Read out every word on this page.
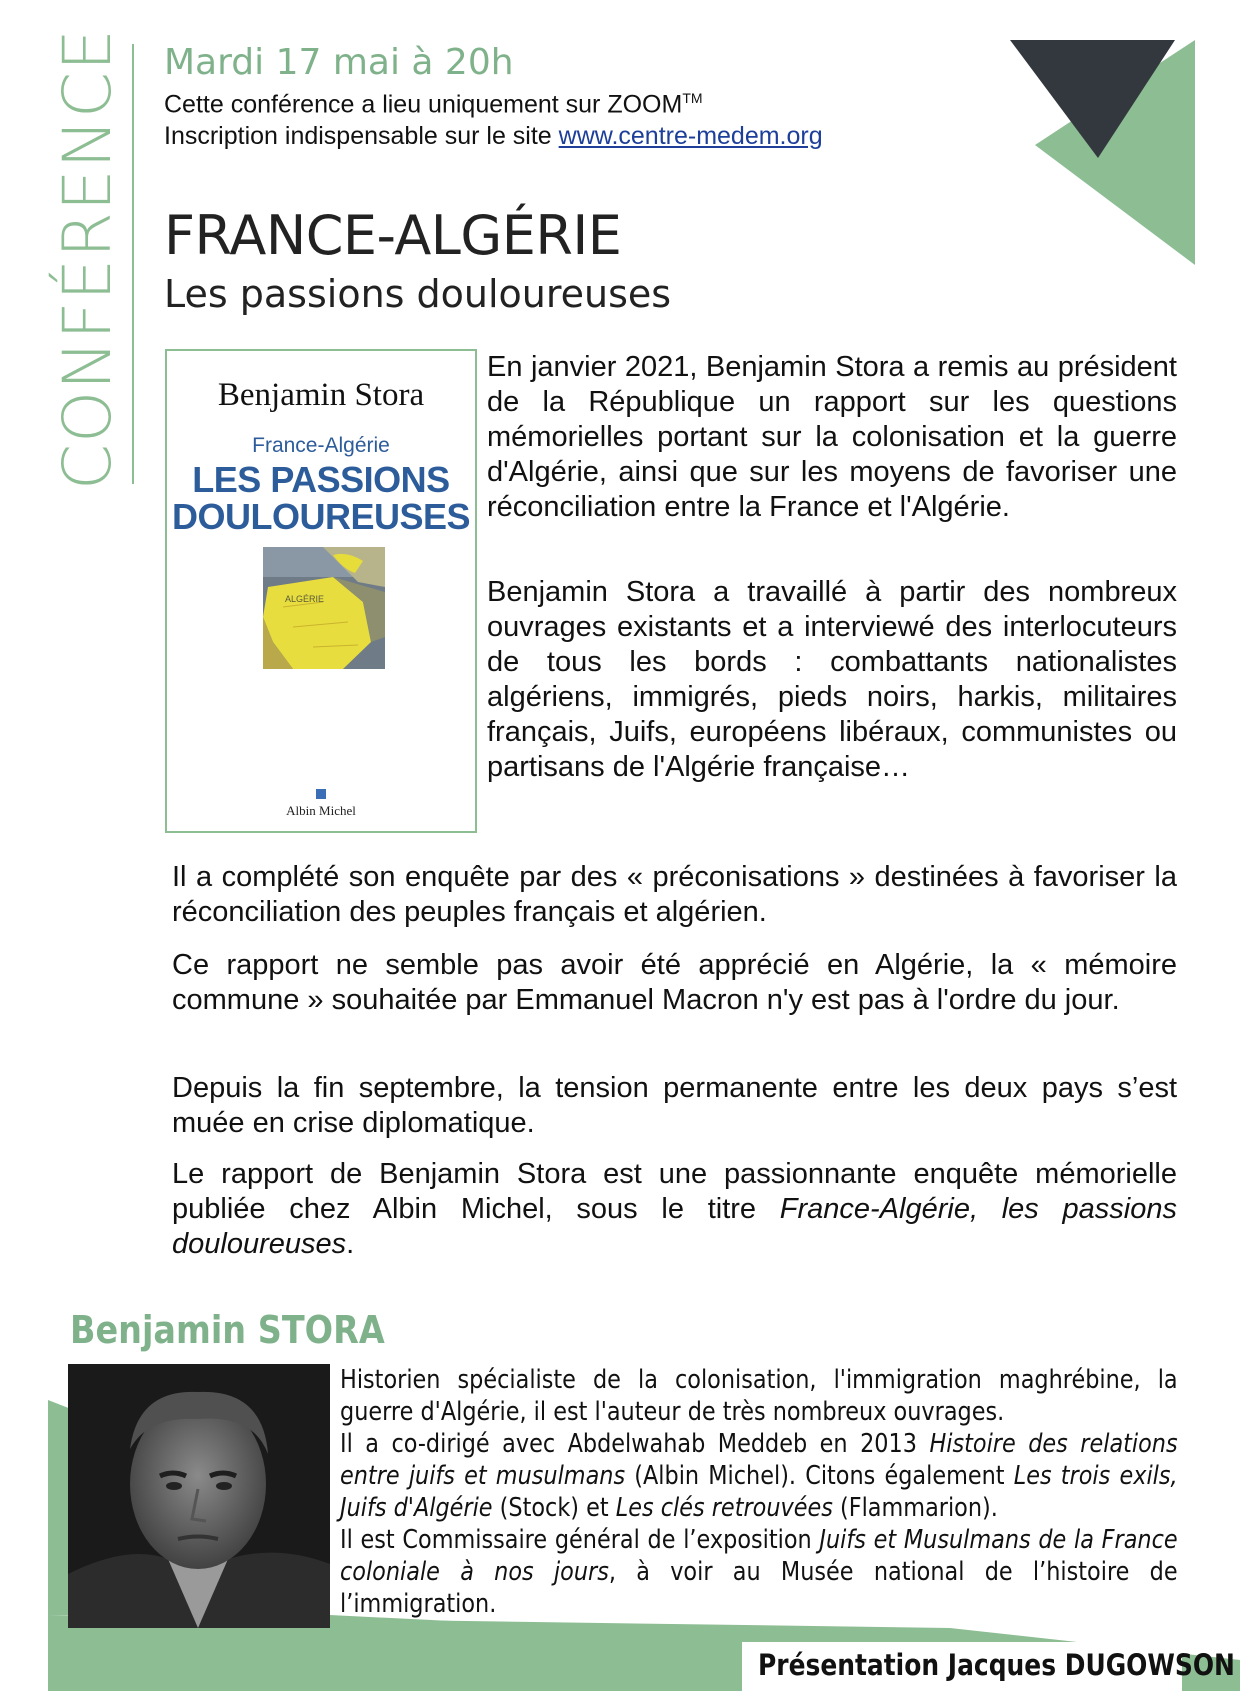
CONFÉRENCE Mardi 17 mai à 20h
Cette conférence a lieu uniquement sur ZOOM™
Inscription indispensable sur le site www.centre-medem.org
FRANCE-ALGÉRIE
Les passions douloureuses
Benjamin Stora
France-Algérie
LES PASSIONS
DOULOUREUSES
ALGÉRIE
Albin Michel
En janvier 2021, Benjamin Stora a remis au président de la République un rapport sur les questions mémorielles portant sur la colonisation et la guerre d'Algérie, ainsi que sur les moyens de favoriser une réconciliation entre la France et l'Algérie.
Benjamin Stora a travaillé à partir des nombreux ouvrages existants et a interviewé des interlocuteurs de tous les bords : combattants nationalistes algériens, immigrés, pieds noirs, harkis, militaires français, Juifs, européens libéraux, communistes ou partisans de l'Algérie française…
Il a complété son enquête par des « préconisations » destinées à favoriser la réconciliation des peuples français et algérien.
Ce rapport ne semble pas avoir été apprécié en Algérie, la « mémoire commune » souhaitée par Emmanuel Macron n'y est pas à l'ordre du jour.
Depuis la fin septembre, la tension permanente entre les deux pays s’est muée en crise diplomatique.
Le rapport de Benjamin Stora est une passionnante enquête mémorielle publiée chez Albin Michel, sous le titre France-Algérie, les passions douloureuses.
Benjamin STORA
Historien spécialiste de la colonisation, l'immigration maghrébine, la guerre d'Algérie, il est l'auteur de très nombreux ouvrages.
Il a co-dirigé avec Abdelwahab Meddeb en 2013 Histoire des relations entre juifs et musulmans (Albin Michel). Citons également Les trois exils, Juifs d'Algérie (Stock) et Les clés retrouvées (Flammarion).
Il est Commissaire général de l’exposition Juifs et Musulmans de la France coloniale à nos jours, à voir au Musée national de l’histoire de l’immigration.
Présentation Jacques DUGOWSON
